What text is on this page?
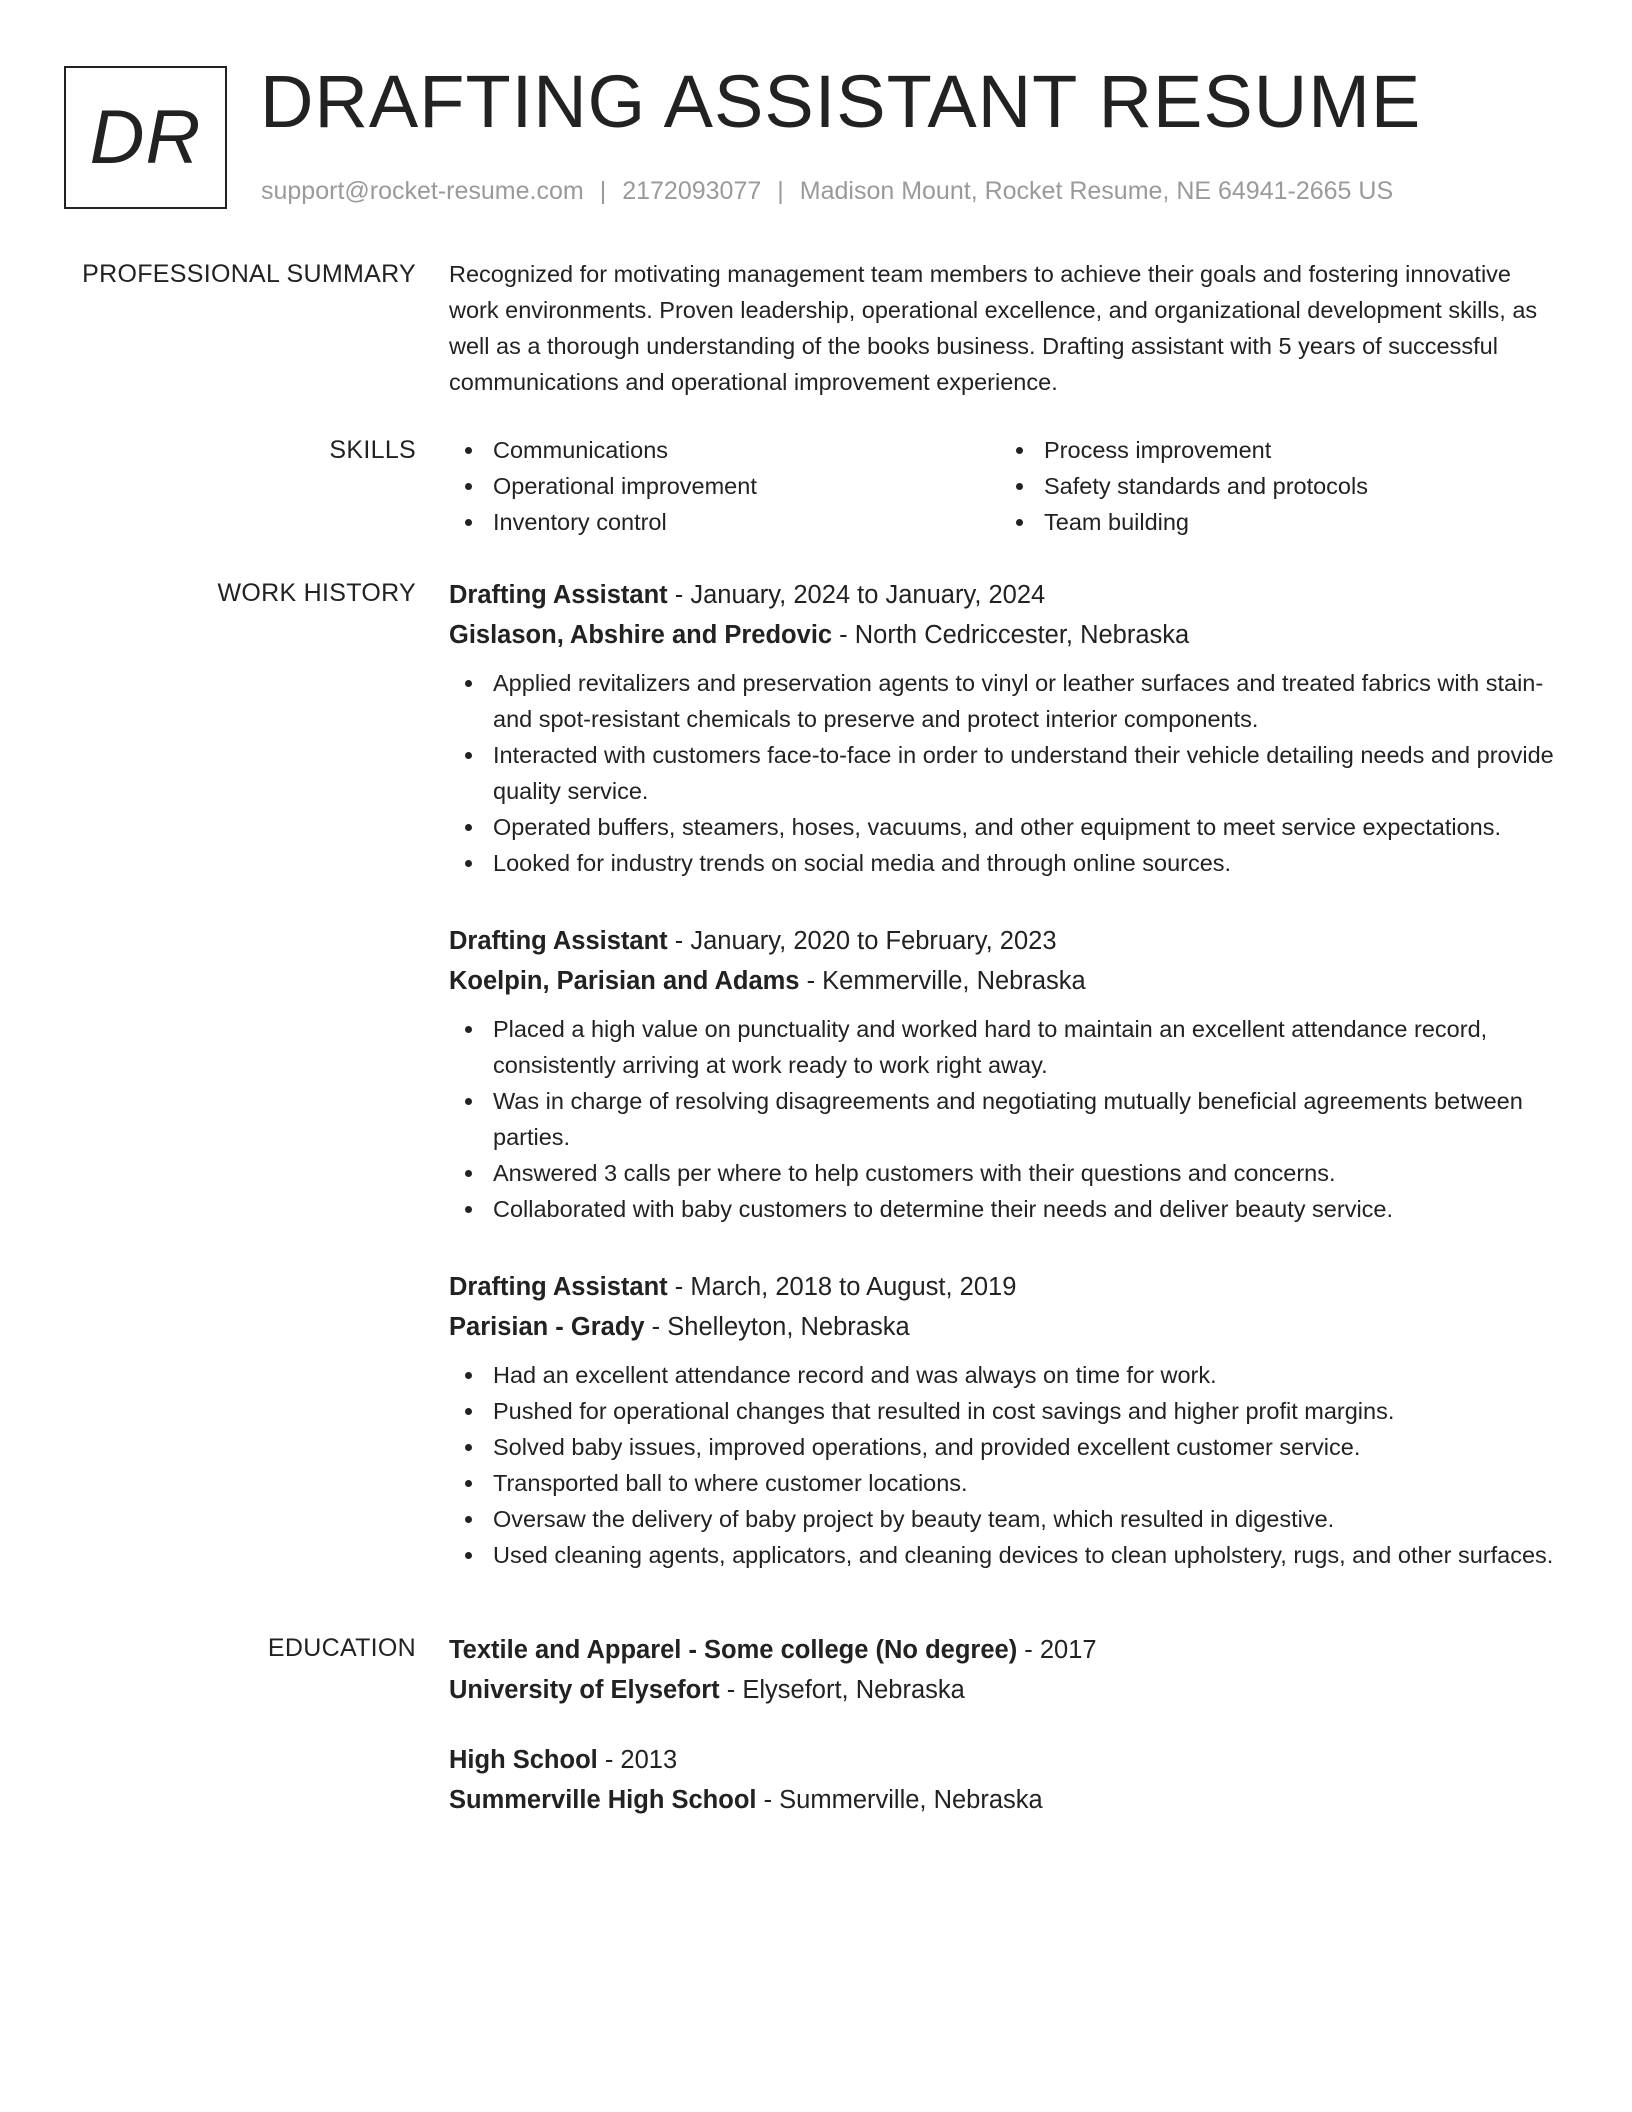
DR DRAFTING ASSISTANT RESUME
support@rocket-resume.com | 2172093077 | Madison Mount, Rocket Resume, NE 64941-2665 US
PROFESSIONAL SUMMARY Recognized for motivating management team members to achieve their goals and fostering innovative work environments. Proven leadership, operational excellence, and organizational development skills, as well as a thorough understanding of the books business. Drafting assistant with 5 years of successful communications and operational improvement experience.

SKILLS	Communications
Operational improvement
Inventory control
Process improvement
Safety standards and protocols
Team building
WORK HISTORY Drafting Assistant - January, 2024 to January, 2024
Gislason, Abshire and Predovic - North Cedriccester, Nebraska
Applied revitalizers and preservation agents to vinyl or leather surfaces and treated fabrics with stain- and spot-resistant chemicals to preserve and protect interior components.
Interacted with customers face-to-face in order to understand their vehicle detailing needs and provide quality service.
Operated buffers, steamers, hoses, vacuums, and other equipment to meet service expectations.
Looked for industry trends on social media and through online sources.
Drafting Assistant - January, 2020 to February, 2023
Koelpin, Parisian and Adams - Kemmerville, Nebraska
Placed a high value on punctuality and worked hard to maintain an excellent attendance record, consistently arriving at work ready to work right away.
Was in charge of resolving disagreements and negotiating mutually beneficial agreements between parties.
Answered 3 calls per where to help customers with their questions and concerns.
Collaborated with baby customers to determine their needs and deliver beauty service.
Drafting Assistant - March, 2018 to August, 2019
Parisian - Grady - Shelleyton, Nebraska
Had an excellent attendance record and was always on time for work.
Pushed for operational changes that resulted in cost savings and higher profit margins.
Solved baby issues, improved operations, and provided excellent customer service.
Transported ball to where customer locations.
Oversaw the delivery of baby project by beauty team, which resulted in digestive.
Used cleaning agents, applicators, and cleaning devices to clean upholstery, rugs, and other surfaces.
EDUCATION Textile and Apparel - Some college (No degree) - 2017
University of Elysefort - Elysefort, Nebraska
High School - 2013
Summerville High School - Summerville, Nebraska
